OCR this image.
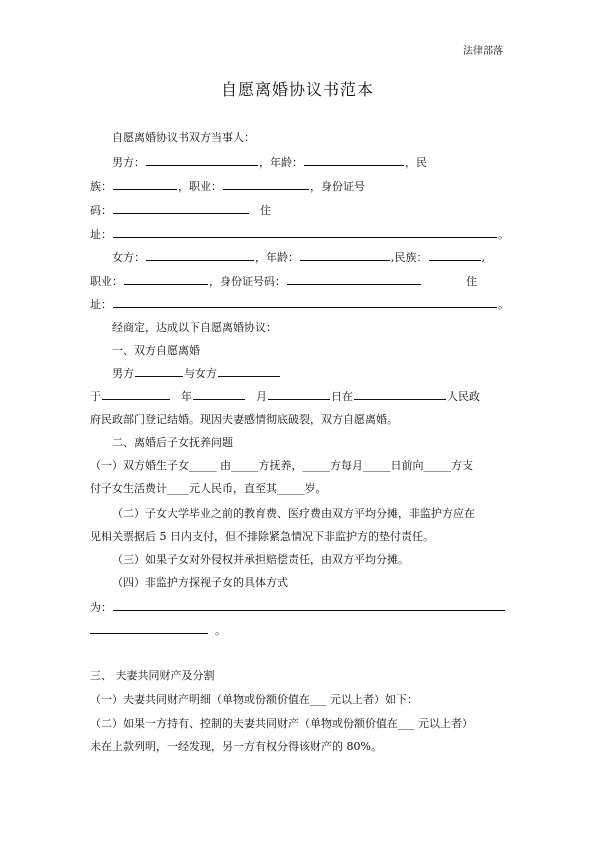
法律部落
自愿离婚协议书范本
自愿离婚协议书双方当事人：
男方：	，年龄：	，民
族：	，职业：	，身份证号
码：	住
址：	。
女方：	，年龄：	,民族：	,
职业：	，身份证号码：	住
址：	。
经商定，达成以下自愿离婚协议：
一、双方自愿离婚
男方	与女方
于	年	月	日在	人民政
府民政部门登记结婚。现因夫妻感情彻底破裂，双方自愿离婚。
二、离婚后子女抚养问题
（一）双方婚生子女_____ 由_____方抚养，_____方每月_____日前向_____方支
付子女生活费计____元人民币，直至其_____岁。
（二）子女大学毕业之前的教育费、医疗费由双方平均分摊，非监护方应在
见相关票据后 5 日内支付，但不排除紧急情况下非监护方的垫付责任。
（三）如果子女对外侵权并承担赔偿责任，由双方平均分摊。
（四）非监护方探视子女的具体方式
为：
。
三、 夫妻共同财产及分割
（一）夫妻共同财产明细（单物或份额价值在___ 元以上者）如下：
（二）如果一方持有、控制的夫妻共同财产（单物或份额价值在___ 元以上者）
未在上款列明，一经发现，另一方有权分得该财产的 80%。
